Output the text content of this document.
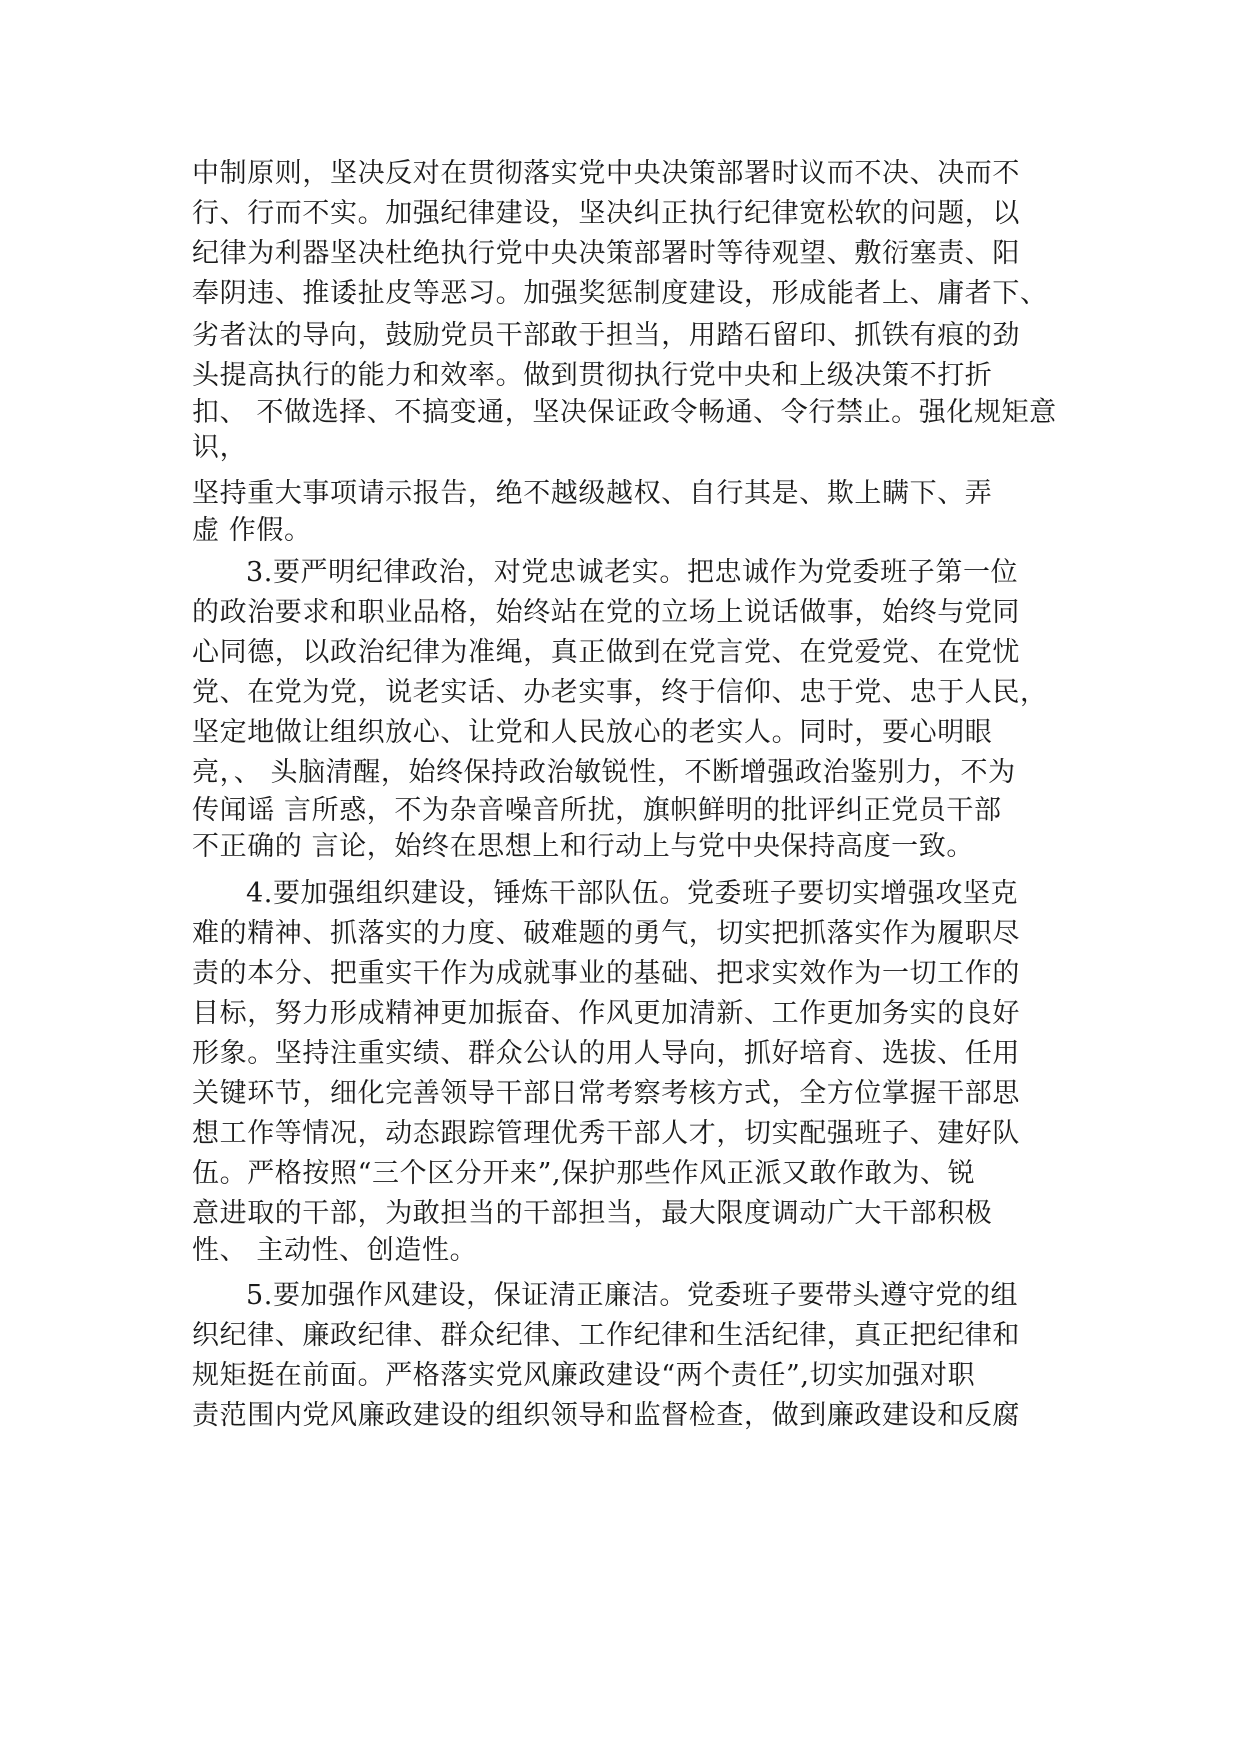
中制原则，坚决反对在贯彻落实党中央决策部署时议而不决、决而不
行、行而不实。加强纪律建设，坚决纠正执行纪律宽松软的问题，以
纪律为利器坚决杜绝执行党中央决策部署时等待观望、敷衍塞责、阳
奉阴违、推诿扯皮等恶习。加强奖惩制度建设，形成能者上、庸者下、
劣者汰的导向，鼓励党员干部敢于担当，用踏石留印、抓铁有痕的劲
头提高执行的能力和效率。做到贯彻执行党中央和上级决策不打折
扣、 不做选择、不搞变通，坚决保证政令畅通、令行禁止。强化规矩意
识，
坚持重大事项请示报告，绝不越级越权、自行其是、欺上瞒下、弄
虚 作假。
3.要严明纪律政治，对党忠诚老实。把忠诚作为党委班子第一位
的政治要求和职业品格，始终站在党的立场上说话做事，始终与党同
心同德，以政治纪律为准绳，真正做到在党言党、在党爱党、在党忧
党、在党为党，说老实话、办老实事，终于信仰、忠于党、忠于人民，
坚定地做让组织放心、让党和人民放心的老实人。同时，要心明眼
亮，、 头脑清醒，始终保持政治敏锐性，不断增强政治鉴别力，不为
传闻谣 言所惑，不为杂音噪音所扰，旗帜鲜明的批评纠正党员干部
不正确的 言论，始终在思想上和行动上与党中央保持高度一致。
4.要加强组织建设，锤炼干部队伍。党委班子要切实增强攻坚克
难的精神、抓落实的力度、破难题的勇气，切实把抓落实作为履职尽
责的本分、把重实干作为成就事业的基础、把求实效作为一切工作的
目标，努力形成精神更加振奋、作风更加清新、工作更加务实的良好
形象。坚持注重实绩、群众公认的用人导向，抓好培育、选拔、任用
关键环节，细化完善领导干部日常考察考核方式，全方位掌握干部思
想工作等情况，动态跟踪管理优秀干部人才，切实配强班子、建好队
伍。严格按照“三个区分开来”,保护那些作风正派又敢作敢为、锐
意进取的干部，为敢担当的干部担当，最大限度调动广大干部积极
性、 主动性、创造性。
5.要加强作风建设，保证清正廉洁。党委班子要带头遵守党的组
织纪律、廉政纪律、群众纪律、工作纪律和生活纪律，真正把纪律和
规矩挺在前面。严格落实党风廉政建设“两个责任”,切实加强对职
责范围内党风廉政建设的组织领导和监督检查，做到廉政建设和反腐
